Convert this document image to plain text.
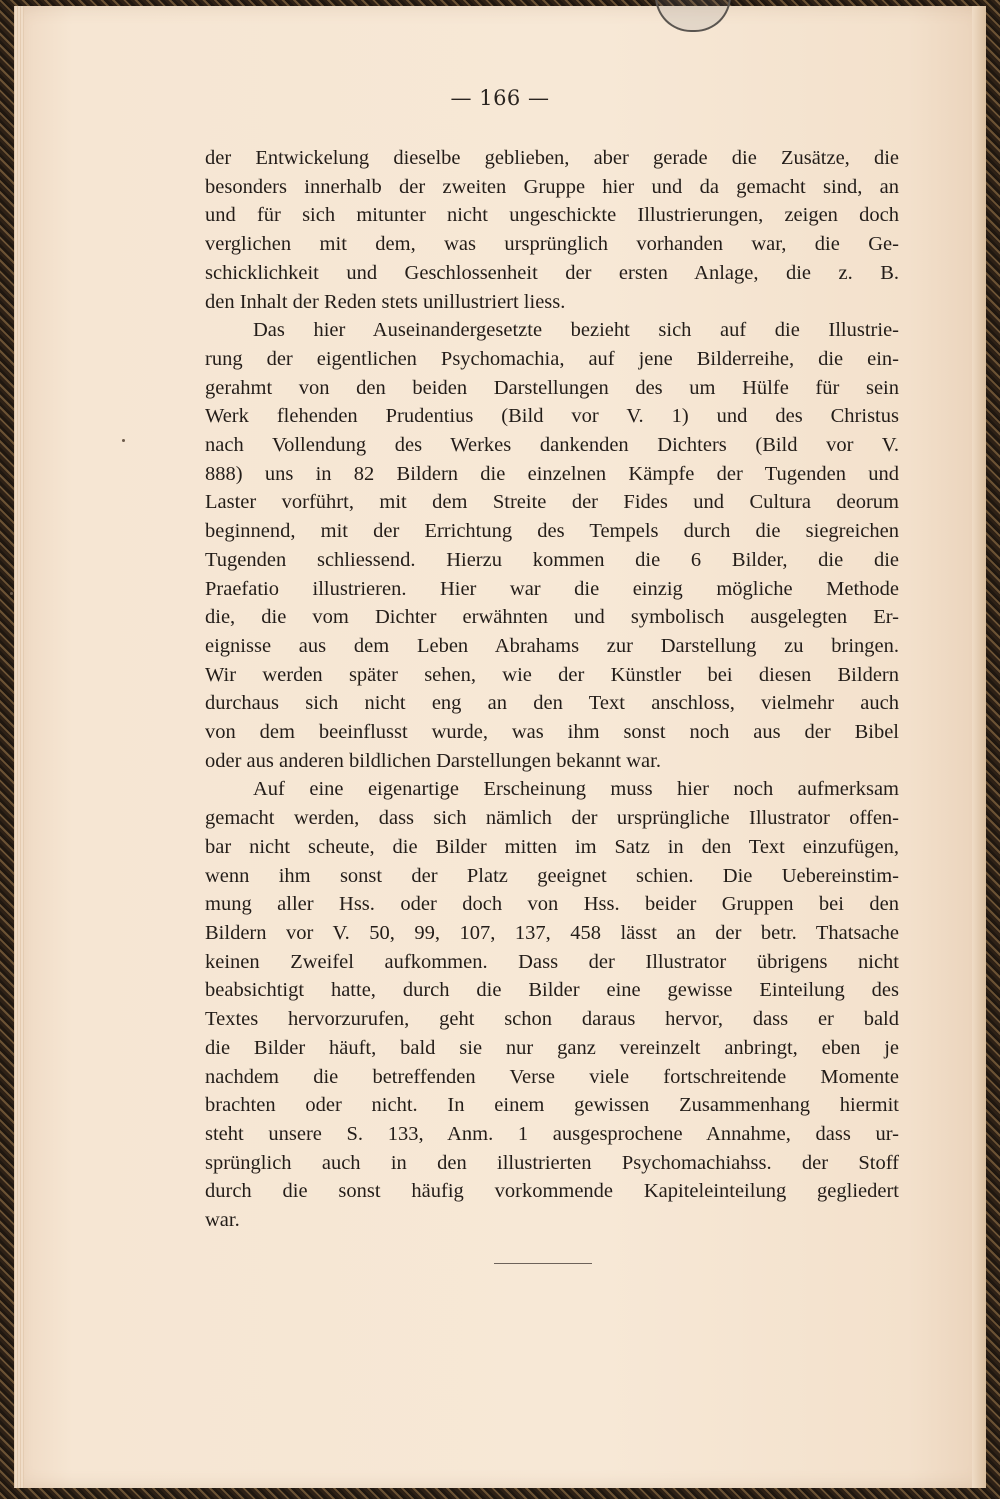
— 166 —
der Entwickelung dieselbe geblieben, aber gerade die Zusätze, die
besonders innerhalb der zweiten Gruppe hier und da gemacht sind, an
und für sich mitunter nicht ungeschickte Illustrierungen, zeigen doch
verglichen mit dem, was ursprünglich vorhanden war, die Ge-
schicklichkeit und Geschlossenheit der ersten Anlage, die z. B.
den Inhalt der Reden stets unillustriert liess.
Das hier Auseinandergesetzte bezieht sich auf die Illustrie-
rung der eigentlichen Psychomachia, auf jene Bilderreihe, die ein-
gerahmt von den beiden Darstellungen des um Hülfe für sein
Werk flehenden Prudentius (Bild vor V. 1) und des Christus
nach Vollendung des Werkes dankenden Dichters (Bild vor V.
888) uns in 82 Bildern die einzelnen Kämpfe der Tugenden und
Laster vorführt, mit dem Streite der Fides und Cultura deorum
beginnend, mit der Errichtung des Tempels durch die siegreichen
Tugenden schliessend. Hierzu kommen die 6 Bilder, die die
Praefatio illustrieren. Hier war die einzig mögliche Methode
die, die vom Dichter erwähnten und symbolisch ausgelegten Er-
eignisse aus dem Leben Abrahams zur Darstellung zu bringen.
Wir werden später sehen, wie der Künstler bei diesen Bildern
durchaus sich nicht eng an den Text anschloss, vielmehr auch
von dem beeinflusst wurde, was ihm sonst noch aus der Bibel
oder aus anderen bildlichen Darstellungen bekannt war.
Auf eine eigenartige Erscheinung muss hier noch aufmerksam
gemacht werden, dass sich nämlich der ursprüngliche Illustrator offen-
bar nicht scheute, die Bilder mitten im Satz in den Text einzufügen,
wenn ihm sonst der Platz geeignet schien. Die Uebereinstim-
mung aller Hss. oder doch von Hss. beider Gruppen bei den
Bildern vor V. 50, 99, 107, 137, 458 lässt an der betr. Thatsache
keinen Zweifel aufkommen. Dass der Illustrator übrigens nicht
beabsichtigt hatte, durch die Bilder eine gewisse Einteilung des
Textes hervorzurufen, geht schon daraus hervor, dass er bald
die Bilder häuft, bald sie nur ganz vereinzelt anbringt, eben je
nachdem die betreffenden Verse viele fortschreitende Momente
brachten oder nicht. In einem gewissen Zusammenhang hiermit
steht unsere S. 133, Anm. 1 ausgesprochene Annahme, dass ur-
sprünglich auch in den illustrierten Psychomachiahss. der Stoff
durch die sonst häufig vorkommende Kapiteleinteilung gegliedert
war.
